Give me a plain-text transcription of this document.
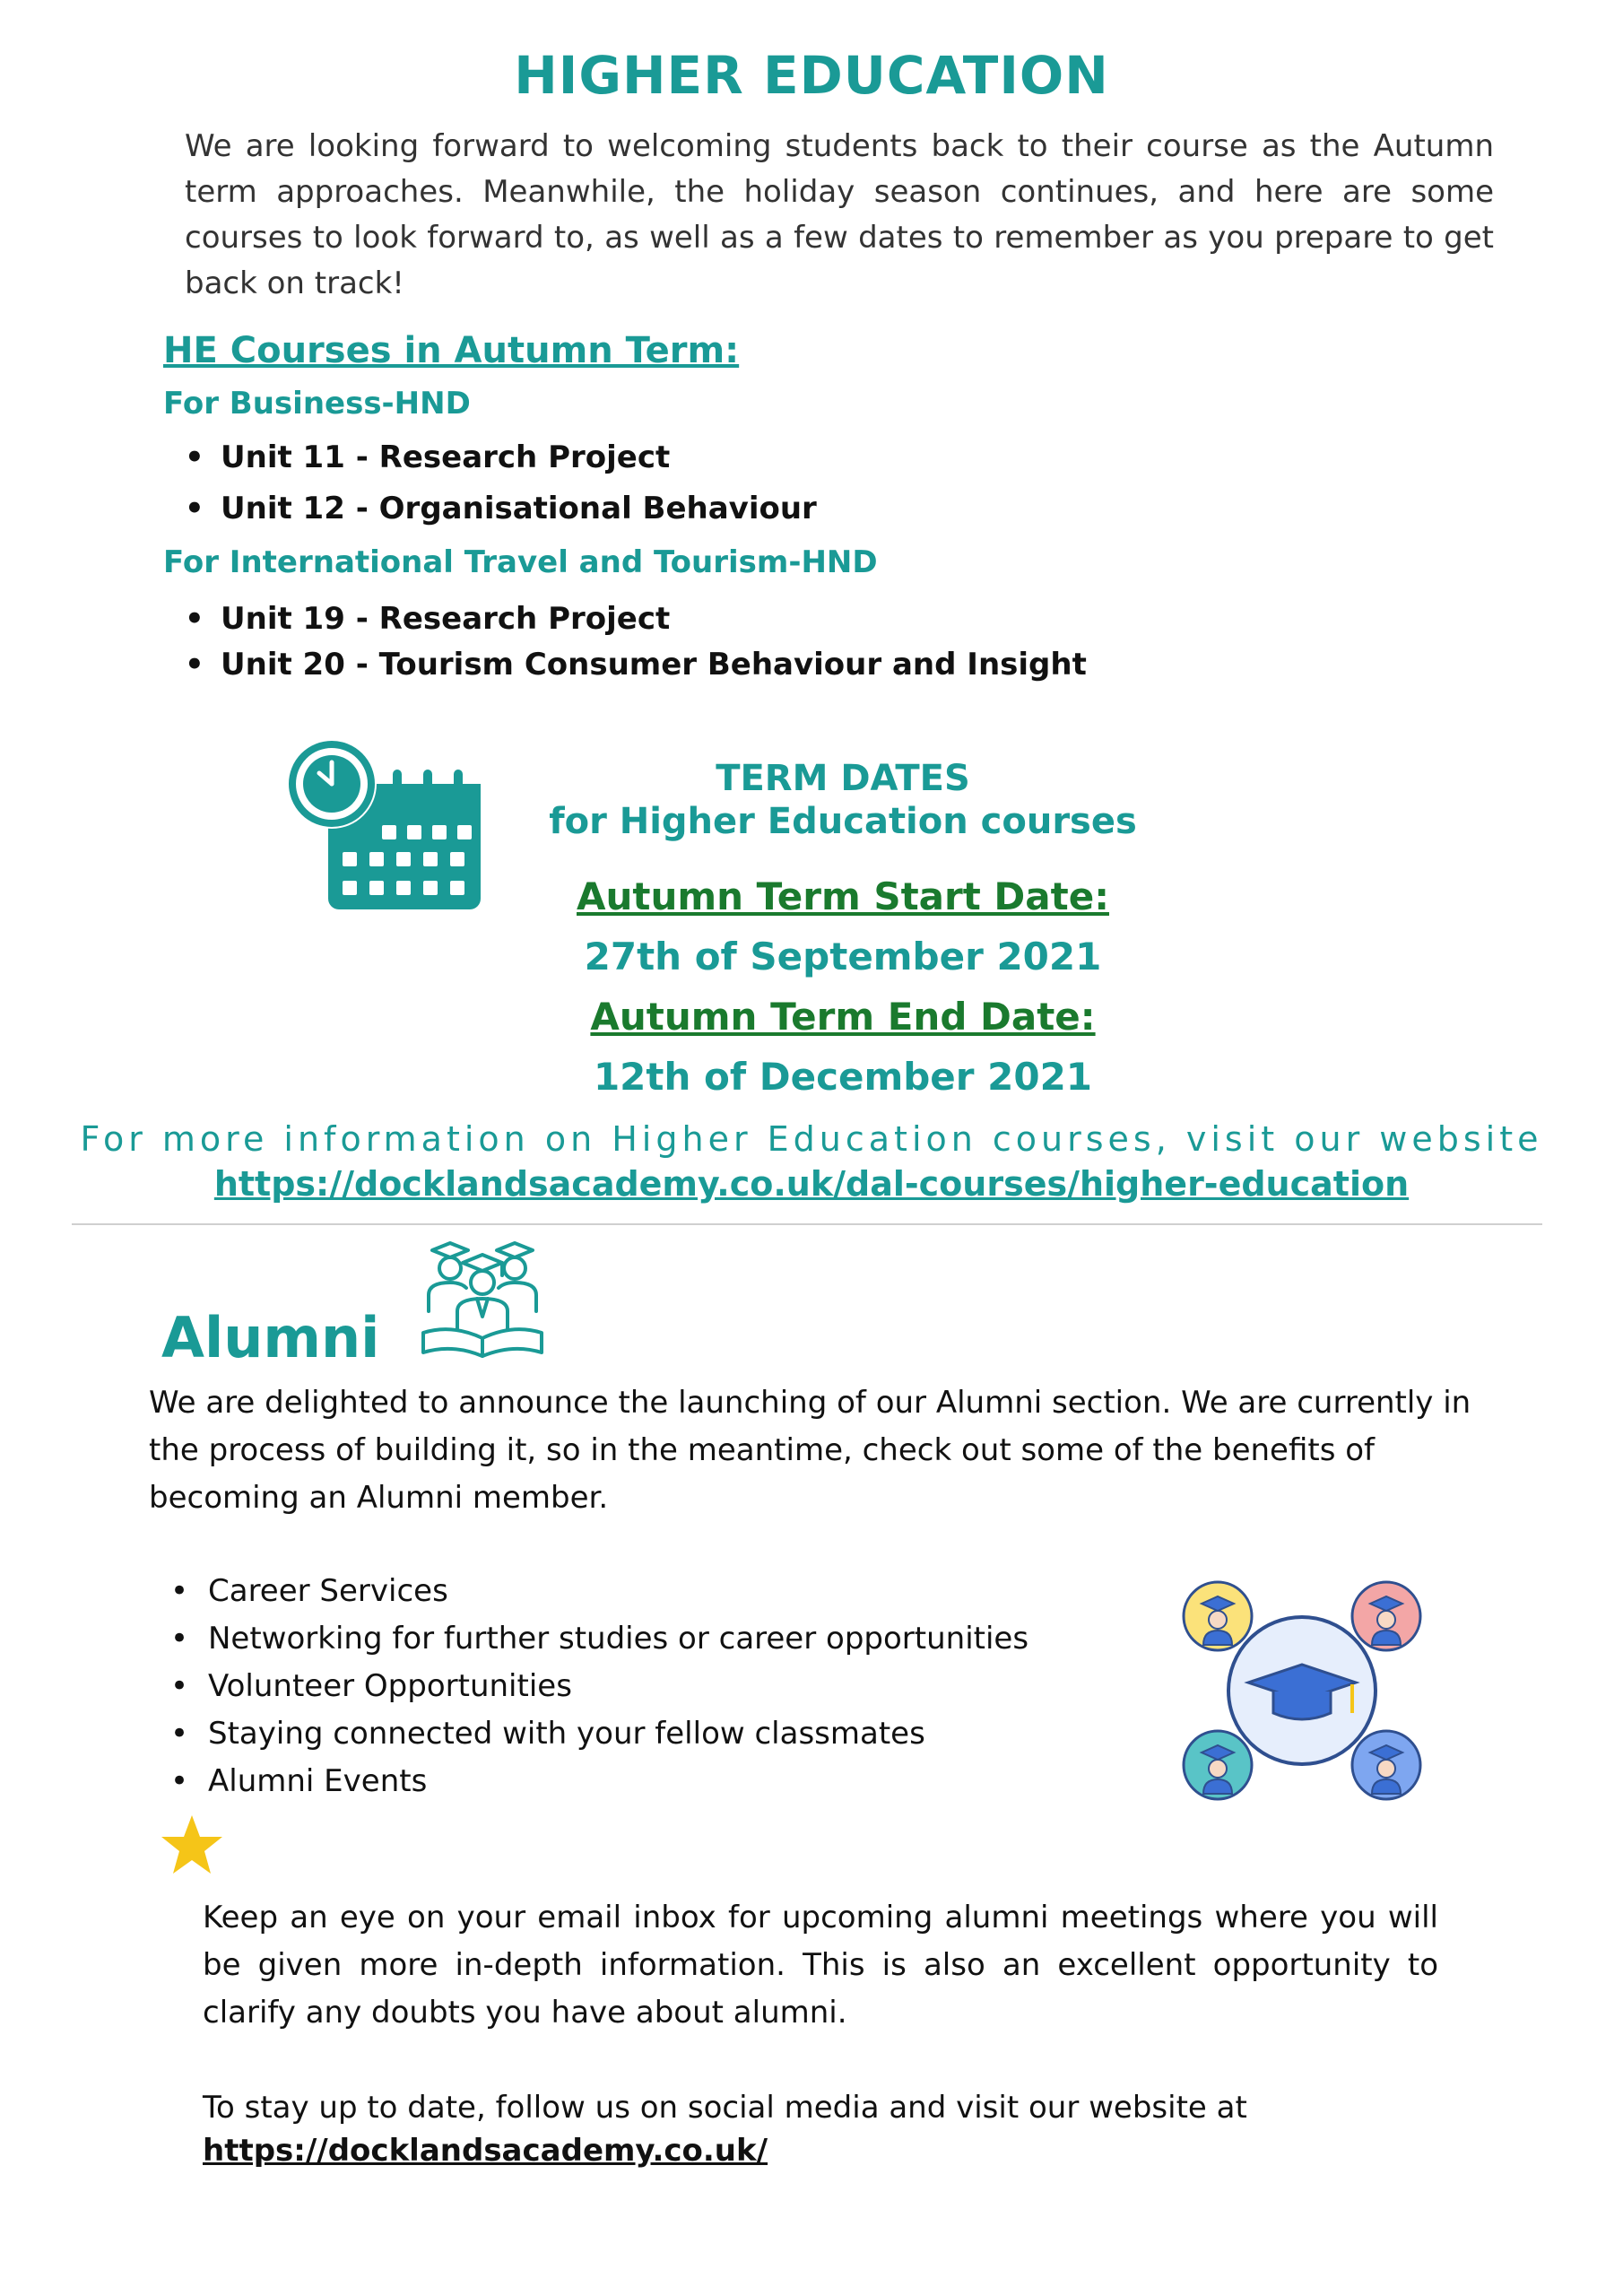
HIGHER EDUCATION
We are looking forward to welcoming students back to their course as the Autumn term approaches. Meanwhile, the holiday season continues, and here are some courses to look forward to, as well as a few dates to remember as you prepare to get back on track!
HE Courses in Autumn Term:
For Business-HND
• Unit 11 - Research Project
• Unit 12 - Organisational Behaviour
For International Travel and Tourism-HND
• Unit 19 - Research Project
• Unit 20 - Tourism Consumer Behaviour and Insight
TERM DATES
for Higher Education courses
Autumn Term Start Date:
27th of September 2021
Autumn Term End Date:
12th of December 2021
For more information on Higher Education courses, visit our website
https://docklandsacademy.co.uk/dal-courses/higher-education
Alumni
We are delighted to announce the launching of our Alumni section. We are currently in the process of building it, so in the meantime, check out some of the benefits of becoming an Alumni member.
• Career Services
• Networking for further studies or career opportunities
• Volunteer Opportunities
• Staying connected with your fellow classmates
• Alumni Events
Keep an eye on your email inbox for upcoming alumni meetings where you will be given more in-depth information. This is also an excellent opportunity to clarify any doubts you have about alumni.
To stay up to date, follow us on social media and visit our website at
https://docklandsacademy.co.uk/
